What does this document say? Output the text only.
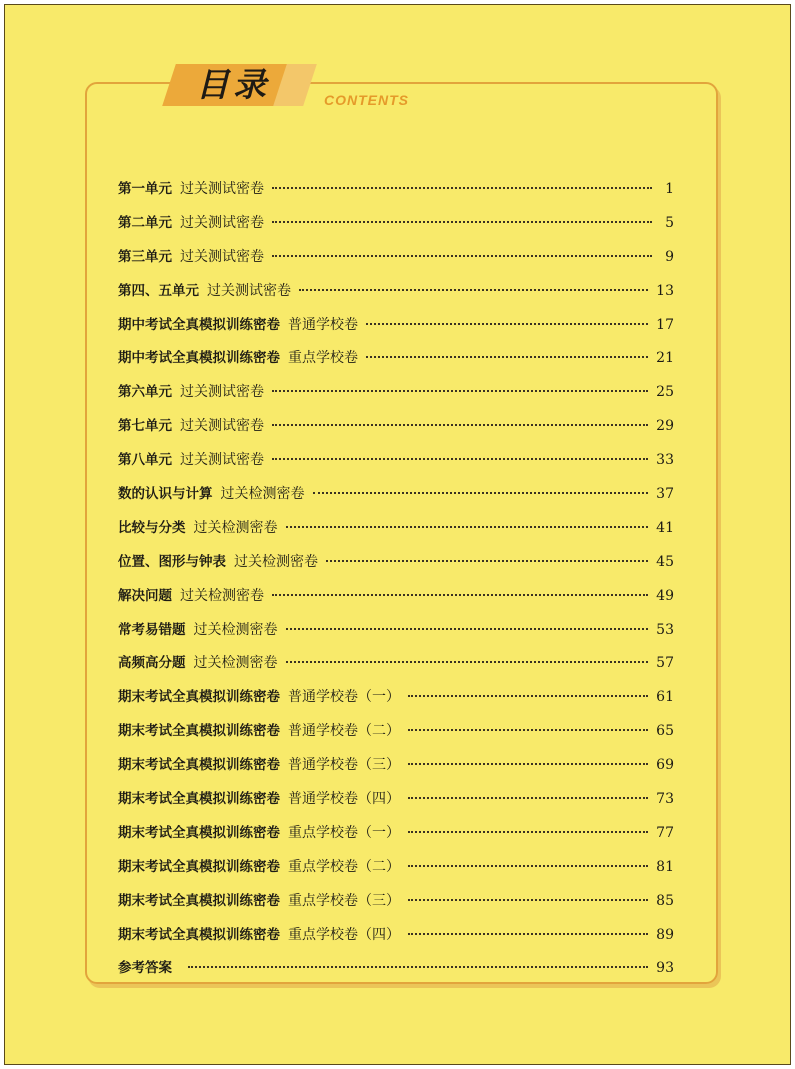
目录	CONTENTS
第一单元 过关测试密卷	1
第二单元 过关测试密卷	5
第三单元 过关测试密卷	9
第四、五单元 过关测试密卷	13
期中考试全真模拟训练密卷 普通学校卷	17
期中考试全真模拟训练密卷 重点学校卷	21
第六单元 过关测试密卷	25
第七单元 过关测试密卷	29
第八单元 过关测试密卷	33
数的认识与计算 过关检测密卷	37
比较与分类 过关检测密卷	41
位置、图形与钟表 过关检测密卷	45
解决问题 过关检测密卷	49
常考易错题 过关检测密卷	53
高频高分题 过关检测密卷	57
期末考试全真模拟训练密卷 普通学校卷（一）	61
期末考试全真模拟训练密卷 普通学校卷（二）	65
期末考试全真模拟训练密卷 普通学校卷（三）	69
期末考试全真模拟训练密卷 普通学校卷（四）	73
期末考试全真模拟训练密卷 重点学校卷（一）	77
期末考试全真模拟训练密卷 重点学校卷（二）	81
期末考试全真模拟训练密卷 重点学校卷（三）	85
期末考试全真模拟训练密卷 重点学校卷（四）	89
参考答案	93
